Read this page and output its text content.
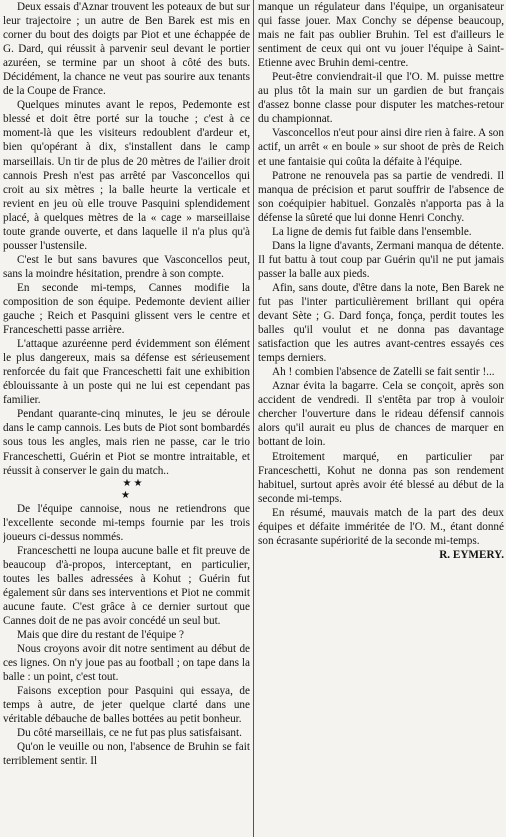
Deux essais d'Aznar trouvent les poteaux de but sur leur trajectoire ; un autre de Ben Barek est mis en corner du bout des doigts par Piot et une échappée de G. Dard, qui réussit à parvenir seul devant le portier azuréen, se termine par un shoot à côté des buts. Décidément, la chance ne veut pas sourire aux tenants de la Coupe de France.

Quelques minutes avant le repos, Pedemonte est blessé et doit être porté sur la touche ; c'est à ce moment-là que les visiteurs redoublent d'ardeur et, bien qu'opérant à dix, s'installent dans le camp marseillais. Un tir de plus de 20 mètres de l'ailier droit cannois Presh n'est pas arrêté par Vasconcellos qui croit au six mètres ; la balle heurte la verticale et revient en jeu où elle trouve Pasquini splendidement placé, à quelques mètres de la « cage » marseillaise toute grande ouverte, et dans laquelle il n'a plus qu'à pousser l'ustensile.

C'est le but sans bavures que Vasconcellos peut, sans la moindre hésitation, prendre à son compte.

En seconde mi-temps, Cannes modifie la composition de son équipe. Pedemonte devient ailier gauche ; Reich et Pasquini glissent vers le centre et Franceschetti passe arrière.

L'attaque azuréenne perd évidemment son élément le plus dangereux, mais sa défense est sérieusement renforcée du fait que Franceschetti fait une exhibition éblouissante à un poste qui ne lui est cependant pas familier.

Pendant quarante-cinq minutes, le jeu se déroule dans le camp cannois. Les buts de Piot sont bombardés sous tous les angles, mais rien ne passe, car le trio Franceschetti, Guérin et Piot se montre intraitable, et réussit à conserver le gain du match..

★★
★

De l'équipe cannoise, nous ne retiendrons que l'excellente seconde mi-temps fournie par les trois joueurs ci-dessus nommés.

Franceschetti ne loupa aucune balle et fit preuve de beaucoup d'à-propos, interceptant, en particulier, toutes les balles adressées à Kohut ; Guérin fut également sûr dans ses interventions et Piot ne commit aucune faute. C'est grâce à ce dernier surtout que Cannes doit de ne pas avoir concédé un seul but.

Mais que dire du restant de l'équipe ?

Nous croyons avoir dit notre sentiment au début de ces lignes. On n'y joue pas au football ; on tape dans la balle : un point, c'est tout.

Faisons exception pour Pasquini qui essaya, de temps à autre, de jeter quelque clarté dans une véritable débauche de balles bottées au petit bonheur.

Du côté marseillais, ce ne fut pas plus satisfaisant.

Qu'on le veuille ou non, l'absence de Bruhin se fait terriblement sentir. Il

manque un régulateur dans l'équipe, un organisateur qui fasse jouer. Max Conchy se dépense beaucoup, mais ne fait pas oublier Bruhin. Tel est d'ailleurs le sentiment de ceux qui ont vu jouer l'équipe à Saint-Etienne avec Bruhin demi-centre.

Peut-être conviendrait-il que l'O. M. puisse mettre au plus tôt la main sur un gardien de but français d'assez bonne classe pour disputer les matches-retour du championnat.

Vasconcellos n'eut pour ainsi dire rien à faire. A son actif, un arrêt « en boule » sur shoot de près de Reich et une fantaisie qui coûta la défaite à l'équipe.

Patrone ne renouvela pas sa partie de vendredi. Il manqua de précision et parut souffrir de l'absence de son coéquipier habituel. Gonzalès n'apporta pas à la défense la sûreté que lui donne Henri Conchy.

La ligne de demis fut faible dans l'ensemble.

Dans la ligne d'avants, Zermani manqua de détente. Il fut battu à tout coup par Guérin qu'il ne put jamais passer la balle aux pieds.

Afin, sans doute, d'être dans la note, Ben Barek ne fut pas l'inter particulièrement brillant qui opéra devant Sète ; G. Dard fonça, fonça, perdit toutes les balles qu'il voulut et ne donna pas davantage satisfaction que les autres avant-centres essayés ces temps derniers.

Ah ! combien l'absence de Zatelli se fait sentir !...

Aznar évita la bagarre. Cela se conçoit, après son accident de vendredi. Il s'entêta par trop à vouloir chercher l'ouverture dans le rideau défensif cannois alors qu'il aurait eu plus de chances de marquer en bottant de loin.

Etroitement marqué, en particulier par Franceschetti, Kohut ne donna pas son rendement habituel, surtout après avoir été blessé au début de la seconde mi-temps.

En résumé, mauvais match de la part des deux équipes et défaite imméritée de l'O. M., étant donné son écrasante supériorité de la seconde mi-temps.

R. EYMERY.
